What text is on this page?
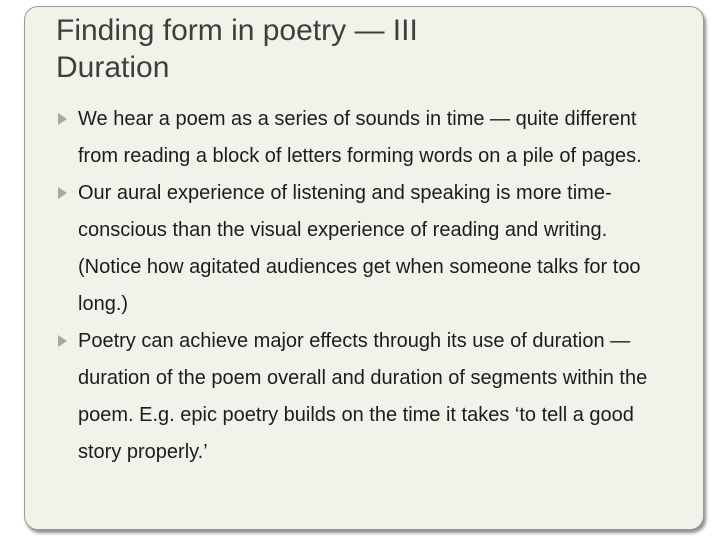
Finding form in poetry — III
Duration
We hear a poem as a series of sounds in time — quite different from reading a block of letters forming words on a pile of pages.
Our aural experience of listening and speaking is more time-conscious than the visual experience of reading and writing. (Notice how agitated audiences get when someone talks for too long.)
Poetry can achieve major effects through its use of duration — duration of the poem overall and duration of segments within the poem. E.g. epic poetry builds on the time it takes ‘to tell a good story properly.’
